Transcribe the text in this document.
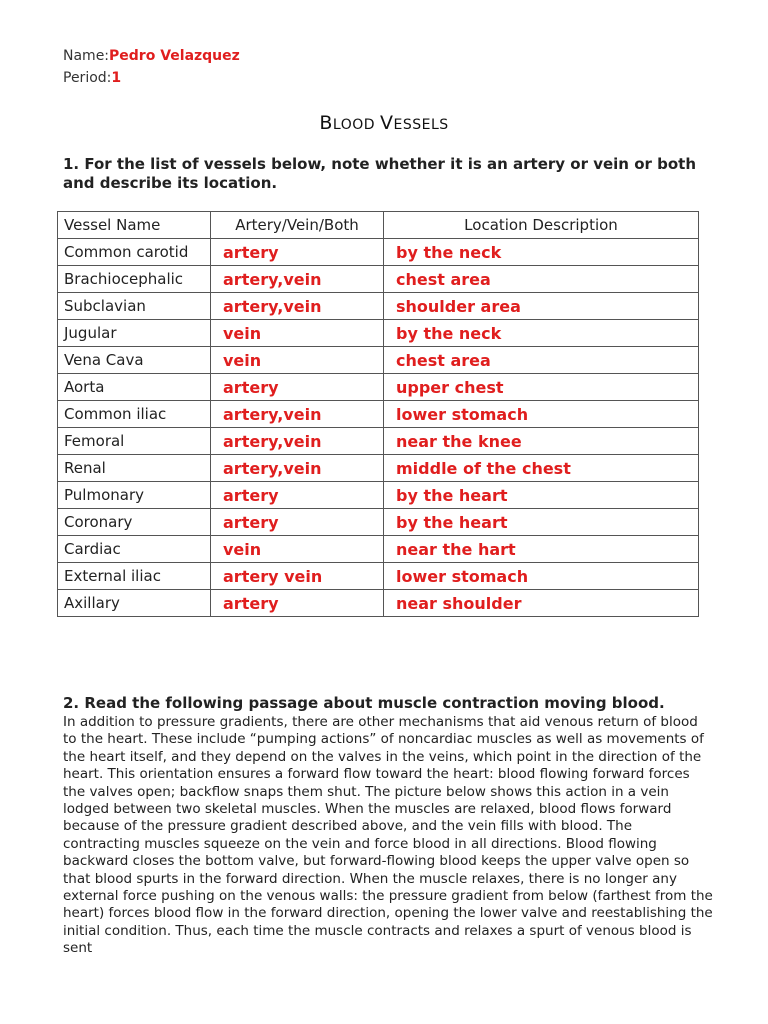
Name:Pedro Velazquez
Period:1
BLOOD VESSELS
1. For the list of vessels below, note whether it is an artery or vein or both and describe its location.
Vessel Name	Artery/Vein/Both	Location Description
Common carotid	artery	by the neck
Brachiocephalic	artery,vein	chest area
Subclavian	artery,vein	shoulder area
Jugular	vein	by the neck
Vena Cava	vein	chest area
Aorta	artery	upper chest
Common iliac	artery,vein	lower stomach
Femoral	artery,vein	near the knee
Renal	artery,vein	middle of the chest
Pulmonary	artery	by the heart
Coronary	artery	by the heart
Cardiac	vein	near the hart
External iliac	artery vein	lower stomach
Axillary	artery	near shoulder
2. Read the following passage about muscle contraction moving blood.
In addition to pressure gradients, there are other mechanisms that aid venous return of blood to the heart. These include “pumping actions” of noncardiac muscles as well as movements of the heart itself, and they depend on the valves in the veins, which point in the direction of the heart. This orientation ensures a forward flow toward the heart: blood flowing forward forces the valves open; backflow snaps them shut. The picture below shows this action in a vein lodged between two skeletal muscles. When the muscles are relaxed, blood flows forward because of the pressure gradient described above, and the vein fills with blood. The contracting muscles squeeze on the vein and force blood in all directions. Blood flowing backward closes the bottom valve, but forward-flowing blood keeps the upper valve open so that blood spurts in the forward direction. When the muscle relaxes, there is no longer any external force pushing on the venous walls: the pressure gradient from below (farthest from the heart) forces blood flow in the forward direction, opening the lower valve and reestablishing the initial condition. Thus, each time the muscle contracts and relaxes a spurt of venous blood is sent
